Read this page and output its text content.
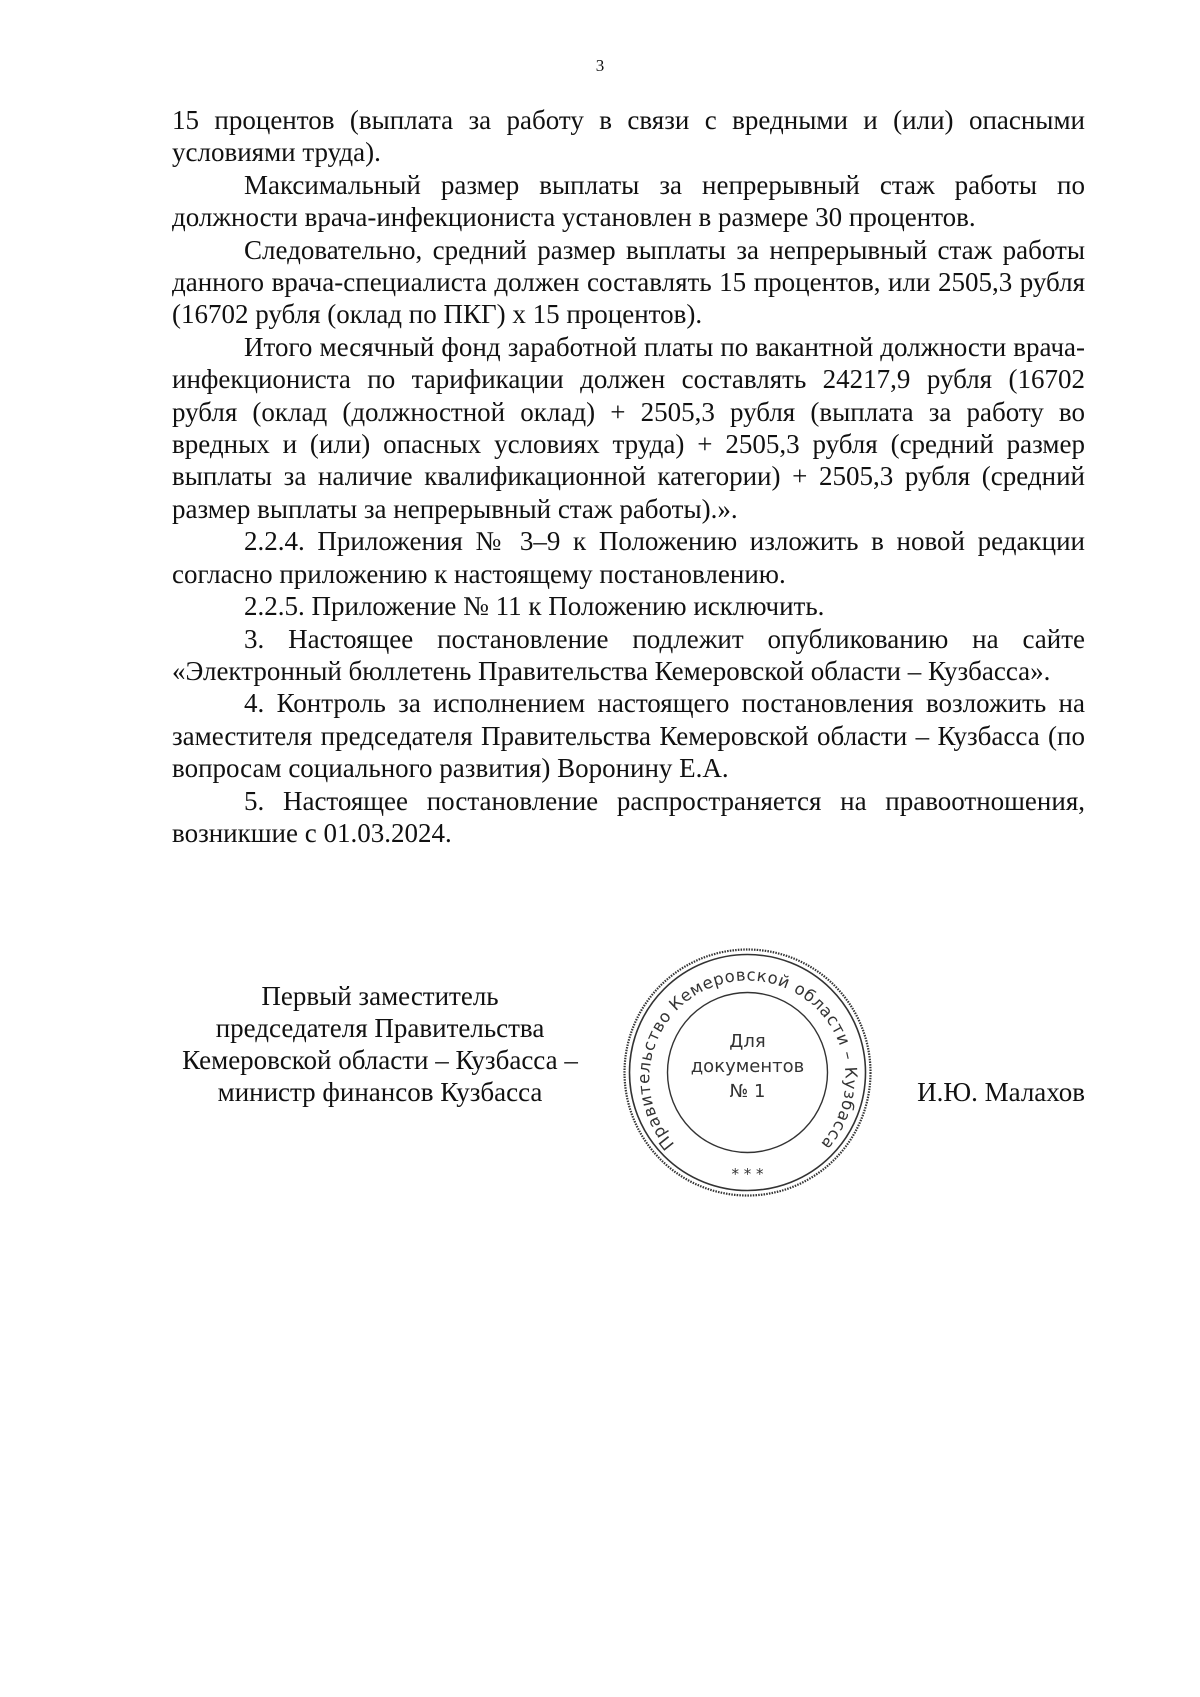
3

15 процентов (выплата за работу в связи с вредными и (или) опасными условиями труда).

Максимальный размер выплаты за непрерывный стаж работы по должности врача-инфекциониста установлен в размере 30 процентов.

Следовательно, средний размер выплаты за непрерывный стаж работы данного врача-специалиста должен составлять 15 процентов, или 2505,3 рубля (16702 рубля (оклад по ПКГ) х 15 процентов).

Итого месячный фонд заработной платы по вакантной должности врача-инфекциониста по тарификации должен составлять 24217,9 рубля (16702 рубля (оклад (должностной оклад) + 2505,3 рубля (выплата за работу во вредных и (или) опасных условиях труда) + 2505,3 рубля (средний размер выплаты за наличие квалификационной категории) + 2505,3 рубля (средний размер выплаты за непрерывный стаж работы).».

2.2.4. Приложения № 3–9 к Положению изложить в новой редакции согласно приложению к настоящему постановлению.

2.2.5. Приложение № 11 к Положению исключить.

3. Настоящее постановление подлежит опубликованию на сайте «Электронный бюллетень Правительства Кемеровской области – Кузбасса».

4. Контроль за исполнением настоящего постановления возложить на заместителя председателя Правительства Кемеровской области – Кузбасса (по вопросам социального развития) Воронину Е.А.

5. Настоящее постановление распространяется на правоотношения, возникшие с 01.03.2024.

Первый заместитель
председателя Правительства
Кемеровской области – Кузбасса –
министр финансов Кузбасса
Правительство Кемеровской области – Кузбасса
Для
документов
№ 1
* * *
И.Ю. Малахов
